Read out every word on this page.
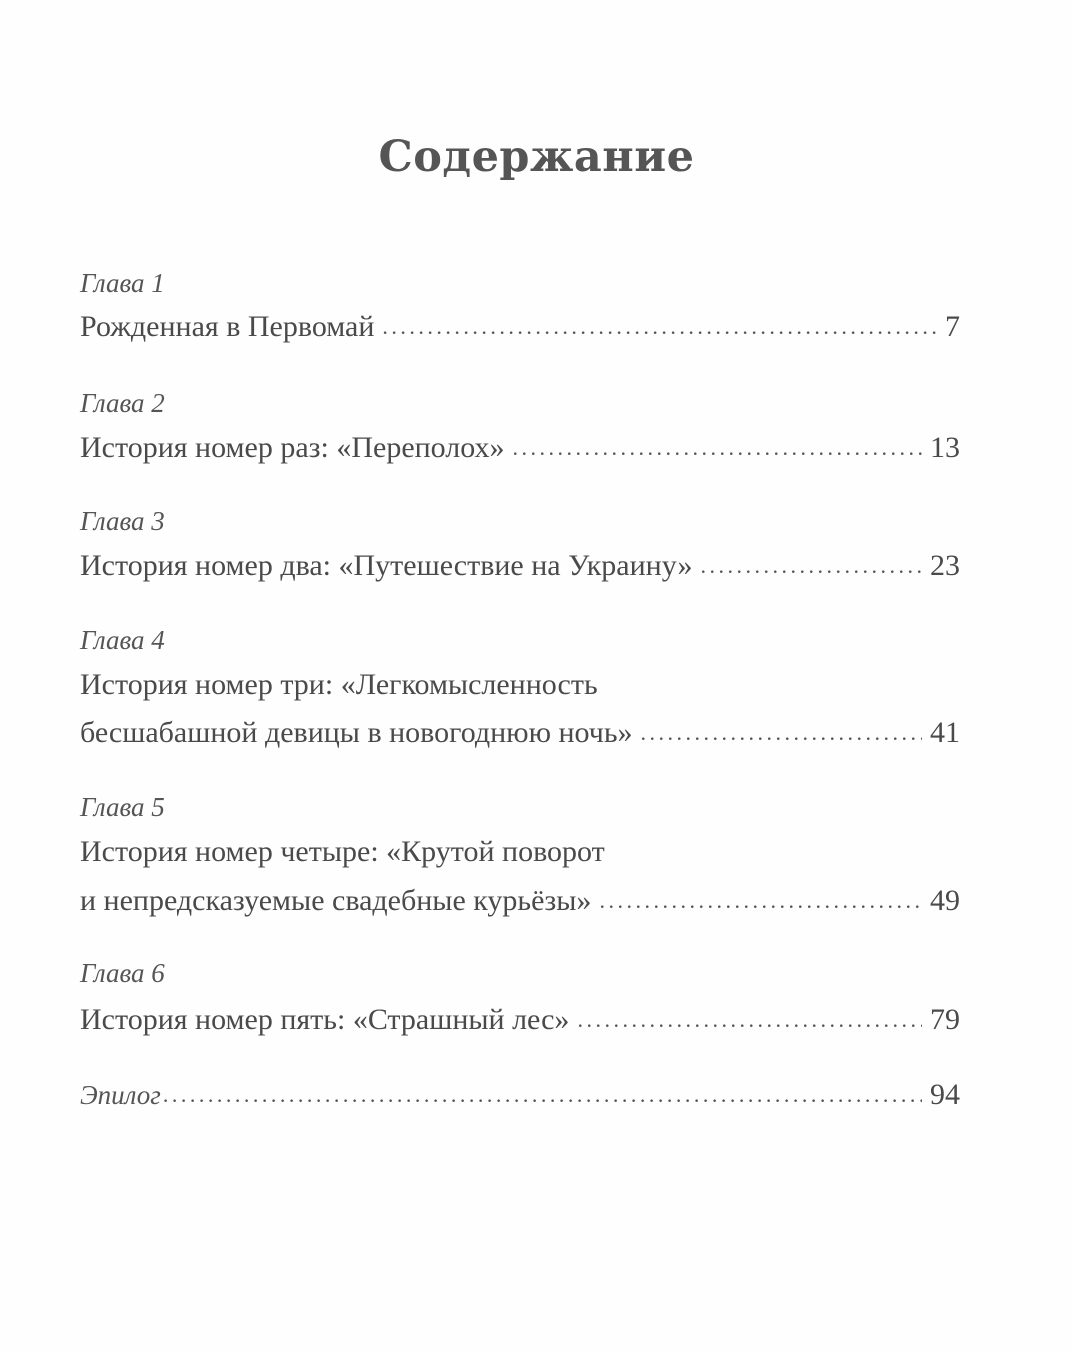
Содержание
Глава 1
Рожденная в Первомай . . .	7
Глава 2
История номер раз: «Переполох» . . .	13
Глава 3
История номер два: «Путешествие на Украину» . . .	23
Глава 4
История номер три: «Легкомысленность
бесшабашной девицы в новогоднюю ночь» . . .	41
Глава 5
История номер четыре: «Крутой поворот
и непредсказуемые свадебные курьёзы» . . .	49
Глава 6
История номер пять: «Страшный лес» . . .	79
Эпилог . . .	94
